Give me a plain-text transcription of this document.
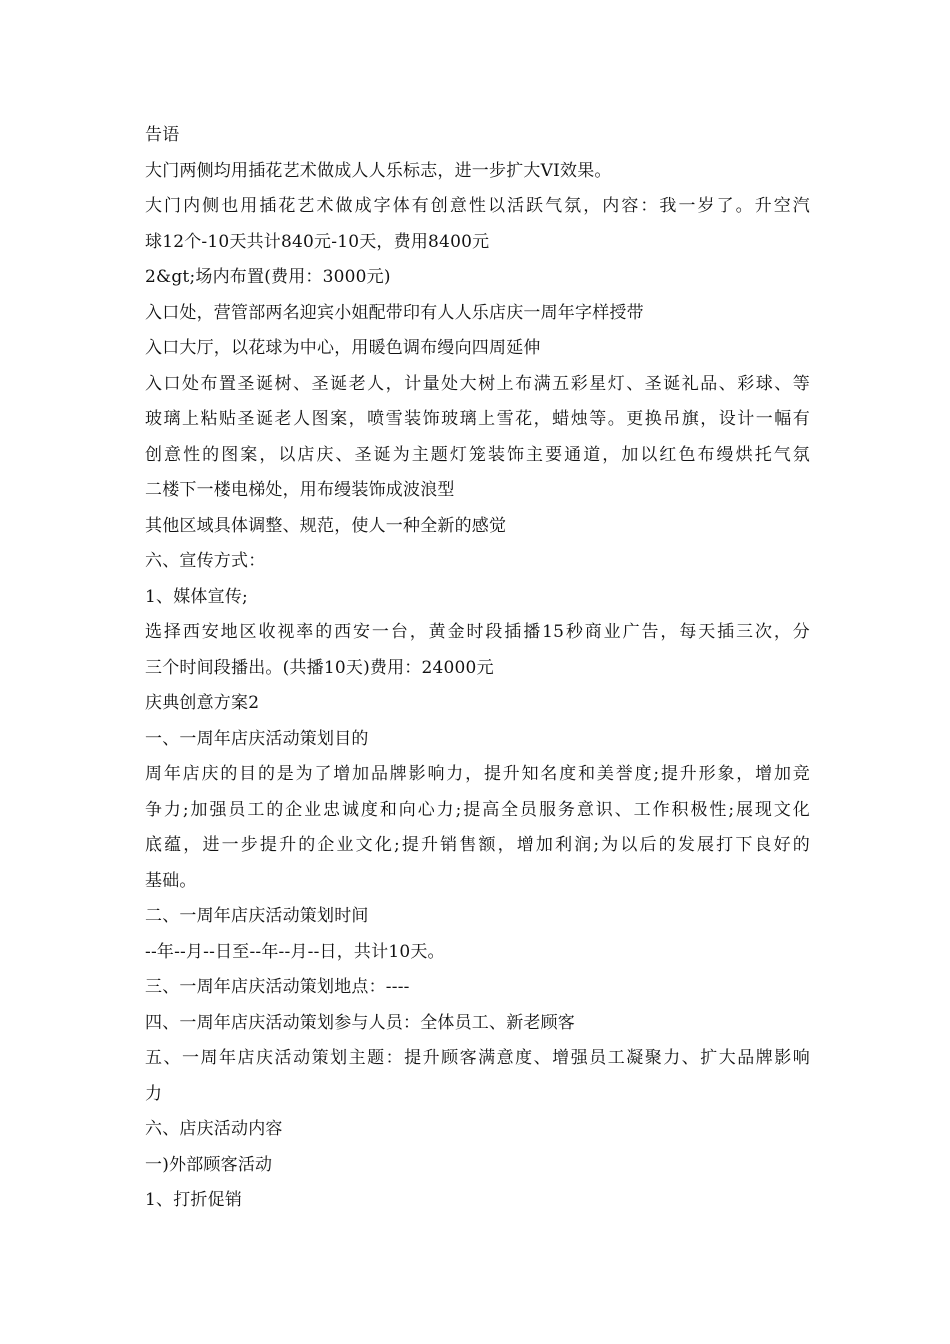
告语
大门两侧均用插花艺术做成人人乐标志，进一步扩大VI效果。
大门内侧也用插花艺术做成字体有创意性以活跃气氛，内容：我一岁了。升空汽
球12个-10天共计840元-10天，费用8400元
2&gt;场内布置(费用：3000元)
入口处，营管部两名迎宾小姐配带印有人人乐店庆一周年字样授带
入口大厅，以花球为中心，用暖色调布缦向四周延伸
入口处布置圣诞树、圣诞老人，计量处大树上布满五彩星灯、圣诞礼品、彩球、等
玻璃上粘贴圣诞老人图案，喷雪装饰玻璃上雪花，蜡烛等。更换吊旗，设计一幅有
创意性的图案，以店庆、圣诞为主题灯笼装饰主要通道，加以红色布缦烘托气氛
二楼下一楼电梯处，用布缦装饰成波浪型
其他区域具体调整、规范，使人一种全新的感觉
六、宣传方式：
1、媒体宣传;
选择西安地区收视率的西安一台，黄金时段插播15秒商业广告，每天插三次，分
三个时间段播出。(共播10天)费用：24000元
庆典创意方案2
一、一周年店庆活动策划目的
周年店庆的目的是为了增加品牌影响力，提升知名度和美誉度;提升形象，增加竞
争力;加强员工的企业忠诚度和向心力;提高全员服务意识、工作积极性;展现文化
底蕴，进一步提升的企业文化;提升销售额，增加利润;为以后的发展打下良好的
基础。
二、一周年店庆活动策划时间
--年--月--日至--年--月--日，共计10天。
三、一周年店庆活动策划地点：----
四、一周年店庆活动策划参与人员：全体员工、新老顾客
五、一周年店庆活动策划主题：提升顾客满意度、增强员工凝聚力、扩大品牌影响
力
六、店庆活动内容
一)外部顾客活动
1、打折促销
